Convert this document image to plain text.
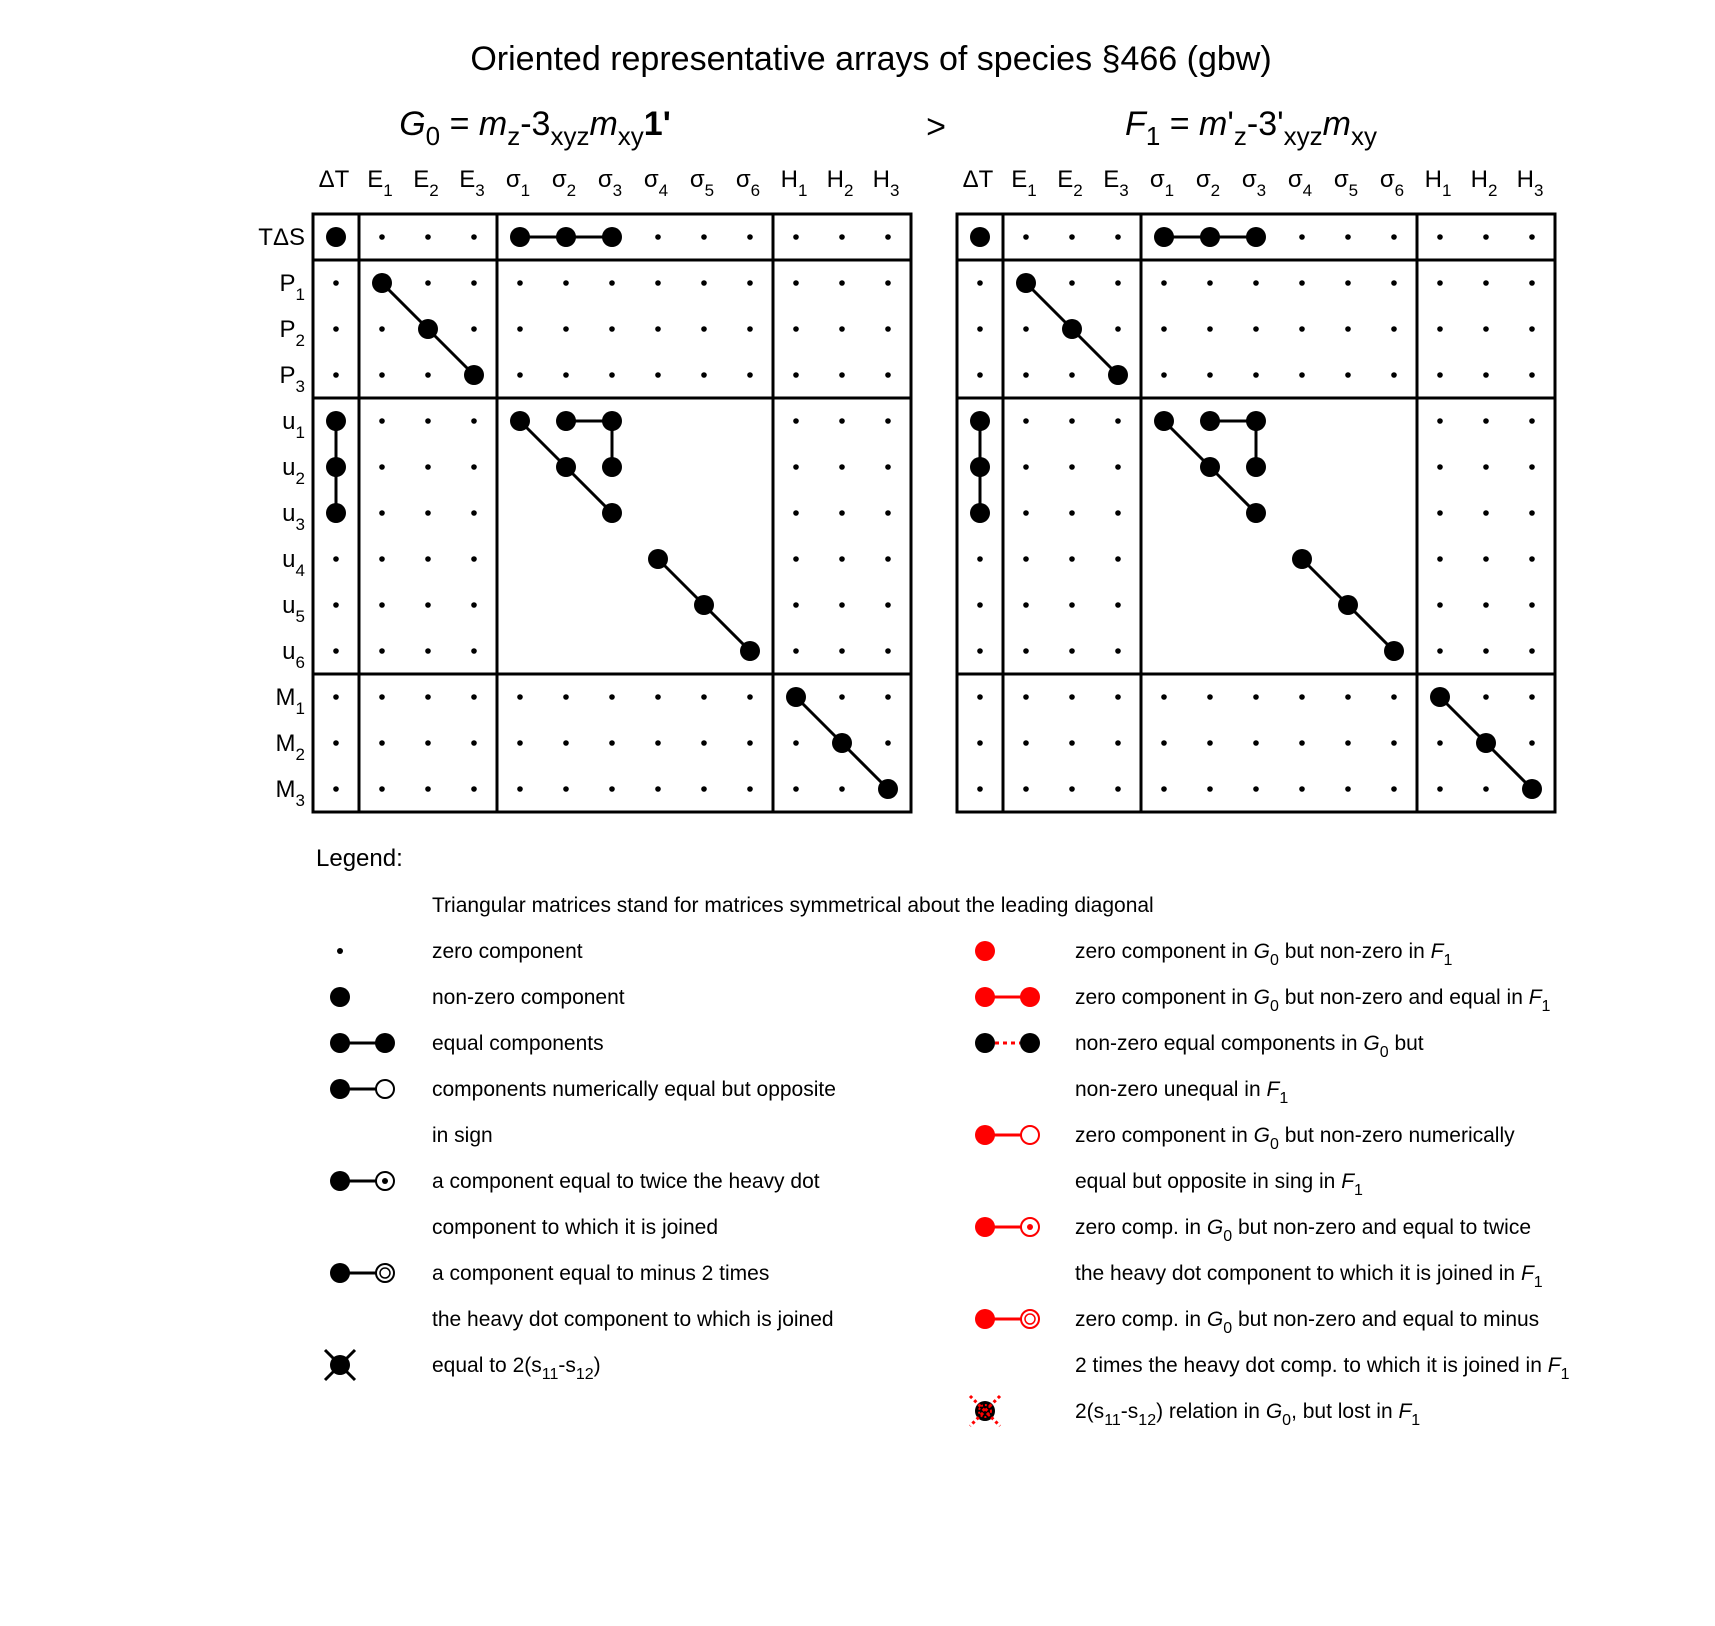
Oriented representative arrays of species §466 (gbw)
$G_0 = m_z-3_{xyz}m_{xy}1'$	>	$F_1 = m'_z-3'_{xyz}m_{xy}$
ΔT $E_1$ $E_2$ $E_3$ $\sigma_1$ $\sigma_2$ $\sigma_3$ $\sigma_4$ $\sigma_5$ $\sigma_6$ $H_1$ $H_2$ $H_3$
TΔS
$P_1$
$P_2$
$P_3$
$u_1$
$u_2$
$u_3$
$u_4$
$u_5$
$u_6$
$M_1$
$M_2$
$M_3$
ΔT $E_1$ $E_2$ $E_3$ $\sigma_1$ $\sigma_2$ $\sigma_3$ $\sigma_4$ $\sigma_5$ $\sigma_6$ $H_1$ $H_2$ $H_3$
Legend:
Triangular matrices stand for matrices symmetrical about the leading diagonal
zero component
non-zero component
equal components
components numerically equal but opposite
in sign
a component equal to twice the heavy dot
component to which it is joined
a component equal to minus 2 times
the heavy dot component to which is joined
equal to $2(s_{11}-s_{12})$
zero component in $G_0$ but non-zero in $F_1$
zero component in $G_0$ but non-zero and equal in $F_1$
non-zero equal components in $G_0$ but
non-zero unequal in $F_1$
zero component in $G_0$ but non-zero numerically
equal but opposite in sing in $F_1$
zero comp. in $G_0$ but non-zero and equal to twice
the heavy dot component to which it is joined in $F_1$
zero comp. in $G_0$ but non-zero and equal to minus
2 times the heavy dot comp. to which it is joined in $F_1$
$2(s_{11}-s_{12})$ relation in $G_0$, but lost in $F_1$
